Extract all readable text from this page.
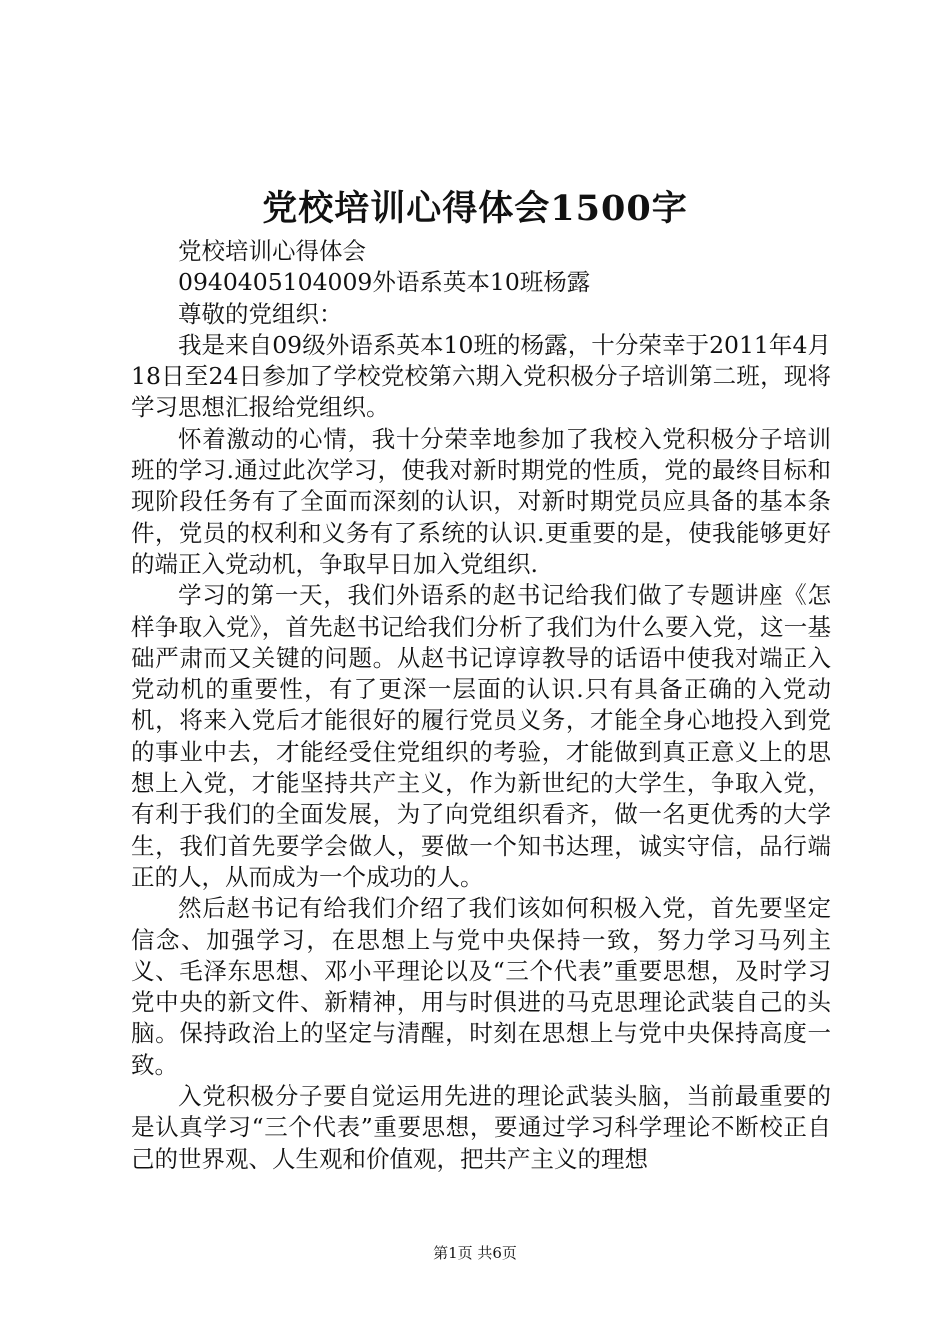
党校培训心得体会1500字

党校培训心得体会

0940405104009外语系英本10班杨露

尊敬的党组织：

我是来自09级外语系英本10班的杨露，十分荣幸于2011年4月18日至24日参加了学校党校第六期入党积极分子培训第二班，现将学习思想汇报给党组织。

怀着激动的心情，我十分荣幸地参加了我校入党积极分子培训班的学习.通过此次学习，使我对新时期党的性质，党的最终目标和现阶段任务有了全面而深刻的认识，对新时期党员应具备的基本条件，党员的权利和义务有了系统的认识.更重要的是，使我能够更好的端正入党动机，争取早日加入党组织.

学习的第一天，我们外语系的赵书记给我们做了专题讲座《怎样争取入党》，首先赵书记给我们分析了我们为什么要入党，这一基础严肃而又关键的问题。从赵书记谆谆教导的话语中使我对端正入党动机的重要性，有了更深一层面的认识.只有具备正确的入党动机，将来入党后才能很好的履行党员义务，才能全身心地投入到党的事业中去，才能经受住党组织的考验，才能做到真正意义上的思想上入党，才能坚持共产主义，作为新世纪的大学生，争取入党，有利于我们的全面发展，为了向党组织看齐，做一名更优秀的大学生，我们首先要学会做人，要做一个知书达理，诚实守信，品行端正的人，从而成为一个成功的人。

然后赵书记有给我们介绍了我们该如何积极入党，首先要坚定信念、加强学习，在思想上与党中央保持一致，努力学习马列主义、毛泽东思想、邓小平理论以及“三个代表”重要思想，及时学习党中央的新文件、新精神，用与时俱进的马克思理论武装自己的头脑。保持政治上的坚定与清醒，时刻在思想上与党中央保持高度一致。

入党积极分子要自觉运用先进的理论武装头脑，当前最重要的是认真学习“三个代表”重要思想，要通过学习科学理论不断校正自己的世界观、人生观和价值观，把共产主义的理想

第1页 共6页
